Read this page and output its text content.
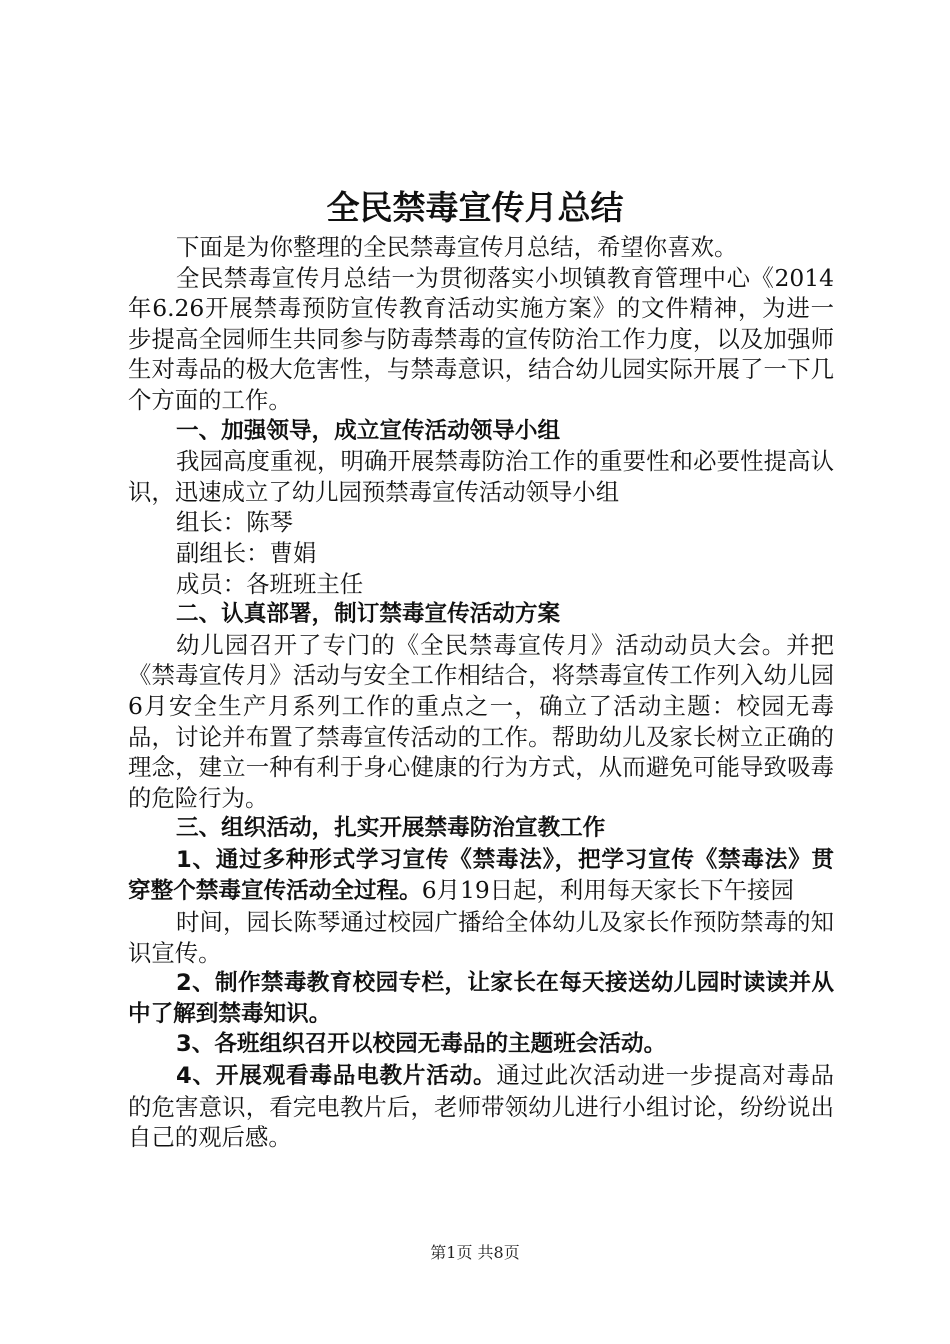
全民禁毒宣传月总结

下面是为你整理的全民禁毒宣传月总结，希望你喜欢。

全民禁毒宣传月总结一为贯彻落实小坝镇教育管理中心《2014年6.26开展禁毒预防宣传教育活动实施方案》的文件精神，为进一步提高全园师生共同参与防毒禁毒的宣传防治工作力度，以及加强师生对毒品的极大危害性，与禁毒意识，结合幼儿园实际开展了一下几个方面的工作。

一、加强领导，成立宣传活动领导小组

我园高度重视，明确开展禁毒防治工作的重要性和必要性提高认识，迅速成立了幼儿园预禁毒宣传活动领导小组

组长：陈琴

副组长：曹娟

成员：各班班主任

二、认真部署，制订禁毒宣传活动方案

幼儿园召开了专门的《全民禁毒宣传月》活动动员大会。并把《禁毒宣传月》活动与安全工作相结合，将禁毒宣传工作列入幼儿园6月安全生产月系列工作的重点之一，确立了活动主题：校园无毒品，讨论并布置了禁毒宣传活动的工作。帮助幼儿及家长树立正确的理念，建立一种有利于身心健康的行为方式，从而避免可能导致吸毒的危险行为。

三、组织活动，扎实开展禁毒防治宣教工作

1、通过多种形式学习宣传《禁毒法》，把学习宣传《禁毒法》贯穿整个禁毒宣传活动全过程。6月19日起，利用每天家长下午接园

时间，园长陈琴通过校园广播给全体幼儿及家长作预防禁毒的知识宣传。

2、制作禁毒教育校园专栏，让家长在每天接送幼儿园时读读并从中了解到禁毒知识。

3、各班组织召开以校园无毒品的主题班会活动。

4、开展观看毒品电教片活动。通过此次活动进一步提高对毒品的危害意识，看完电教片后，老师带领幼儿进行小组讨论，纷纷说出自己的观后感。

第1页 共8页
